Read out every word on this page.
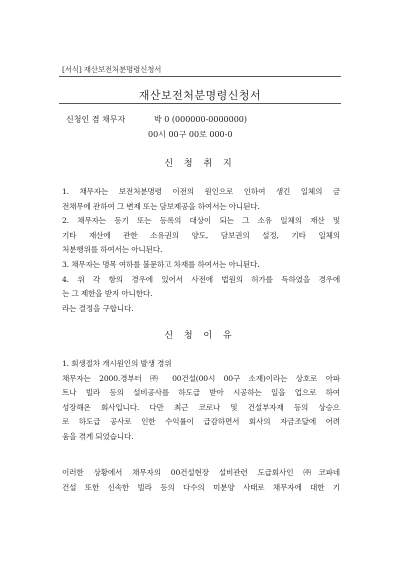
[서식] 재산보전처분명령신청서
재산보전처분명령신청서
신청인 겸 채무자	박 0 (000000-0000000)
00시 00구 00로 000-0
신 청 취 지

1. 채무자는 보전처분명령 이전의 원인으로 인하여 생긴 일체의 금

전채무에 관하여 그 변제 또는 담보제공을 하여서는 아니된다.

2. 채무자는 등기 또는 등록의 대상이 되는 그 소유 일체의 재산 및

기타 재산에 관한 소유권의 양도, 담보권의 설정, 기타 일체의

처분행위를 하여서는 아니된다.

3. 채무자는 명목 여하를 불문하고 차재를 하여서는 아니된다.

4. 위 각 항의 경우에 있어서 사전에 법원의 허가를 득하였을 경우에

는 그 제한을 받지 아니한다.

라는 결정을 구합니다.

신 청 이 유

1. 회생절차 개시원인의 발생 경위

채무자는 2000.경부터 ㈜ 00건설(00시 00구 소재)이라는 상호로 아파

트나 빌라 등의 설비공사를 하도급 받아 시공하는 일을 업으로 하여

성장해온 회사입니다. 다만 최근 코로나 및 건설부자재 등의 상승으

로 하도급 공사로 인한 수익률이 급감하면서 회사의 자금조달에 어려

움을 겪게 되었습니다.

이러한 상황에서 채무자의 00건설현장 설비관련 도급회사인 ㈜코파네

건설 또한 신속한 빌라 등의 다수의 미분양 사태로 채무자에 대한 기
